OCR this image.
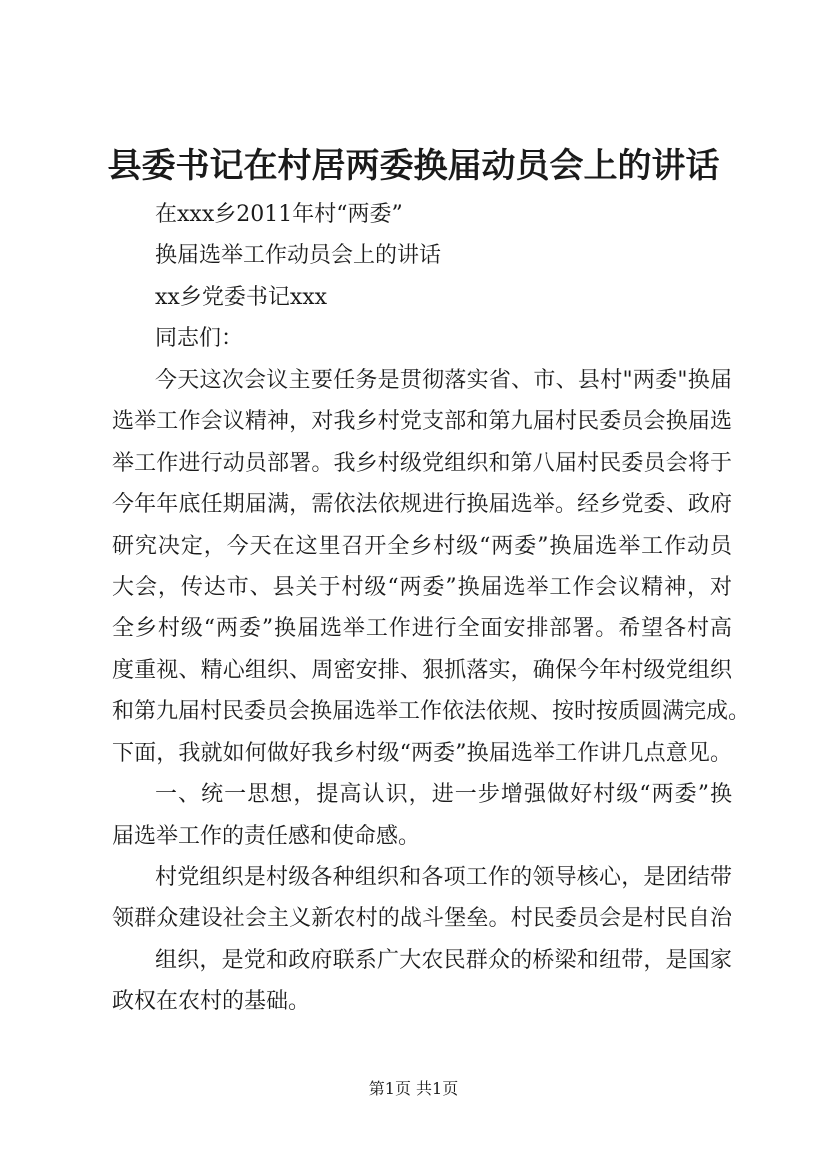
县委书记在村居两委换届动员会上的讲话
在xxx乡2011年村“两委”
换届选举工作动员会上的讲话
xx乡党委书记xxx
同志们：
今天这次会议主要任务是贯彻落实省、市、县村"两委"换届
选举工作会议精神，对我乡村党支部和第九届村民委员会换届选
举工作进行动员部署。我乡村级党组织和第八届村民委员会将于
今年年底任期届满，需依法依规进行换届选举。经乡党委、政府
研究决定，今天在这里召开全乡村级“两委”换届选举工作动员
大会，传达市、县关于村级“两委”换届选举工作会议精神，对
全乡村级“两委”换届选举工作进行全面安排部署。希望各村高
度重视、精心组织、周密安排、狠抓落实，确保今年村级党组织
和第九届村民委员会换届选举工作依法依规、按时按质圆满完成。
下面，我就如何做好我乡村级“两委”换届选举工作讲几点意见。
一、统一思想，提高认识，进一步增强做好村级“两委”换
届选举工作的责任感和使命感。
村党组织是村级各种组织和各项工作的领导核心，是团结带
领群众建设社会主义新农村的战斗堡垒。村民委员会是村民自治
组织，是党和政府联系广大农民群众的桥梁和纽带，是国家
政权在农村的基础。
第1页 共1页
